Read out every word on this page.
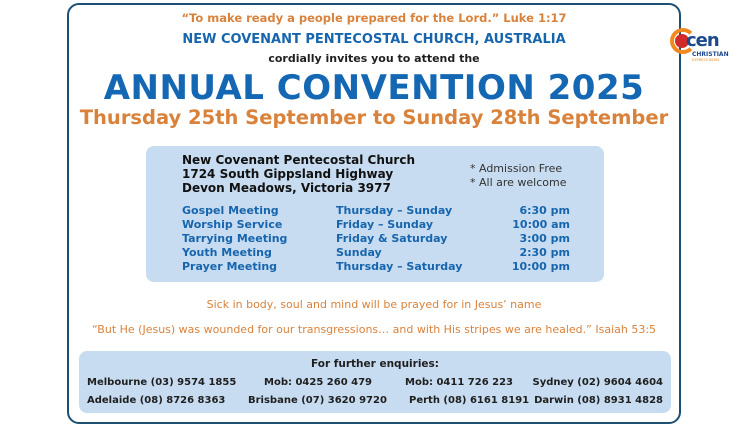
“To make ready a people prepared for the Lord.” Luke 1:17
NEW COVENANT PENTECOSTAL CHURCH, AUSTRALIA
cordially invites you to attend the
ANNUAL CONVENTION 2025
Thursday 25th September to Sunday 28th September
New Covenant Pentecostal Church
1724 South Gippsland Highway
Devon Meadows, Victoria 3977
* Admission Free
* All are welcome
Gospel Meeting	Thursday – Sunday	6:30 pm
Worship Service	Friday – Sunday	10:00 am
Tarrying Meeting	Friday & Saturday	3:00 pm
Youth Meeting	Sunday	2:30 pm
Prayer Meeting	Thursday – Saturday	10:00 pm
Sick in body, soul and mind will be prayed for in Jesus’ name
“But He (Jesus) was wounded for our transgressions… and with His stripes we are healed.” Isaiah 53:5
For further enquiries:
Melbourne (03) 9574 1855	Mob: 0425 260 479	Mob: 0411 726 223 Sydney (02) 9604 4604
Adelaide (08) 8726 8363 Brisbane (07) 3620 9720 Perth (08) 6161 8191 Darwin (08) 8931 4828
cen
CHRISTIAN
EXPRESS NEWS
